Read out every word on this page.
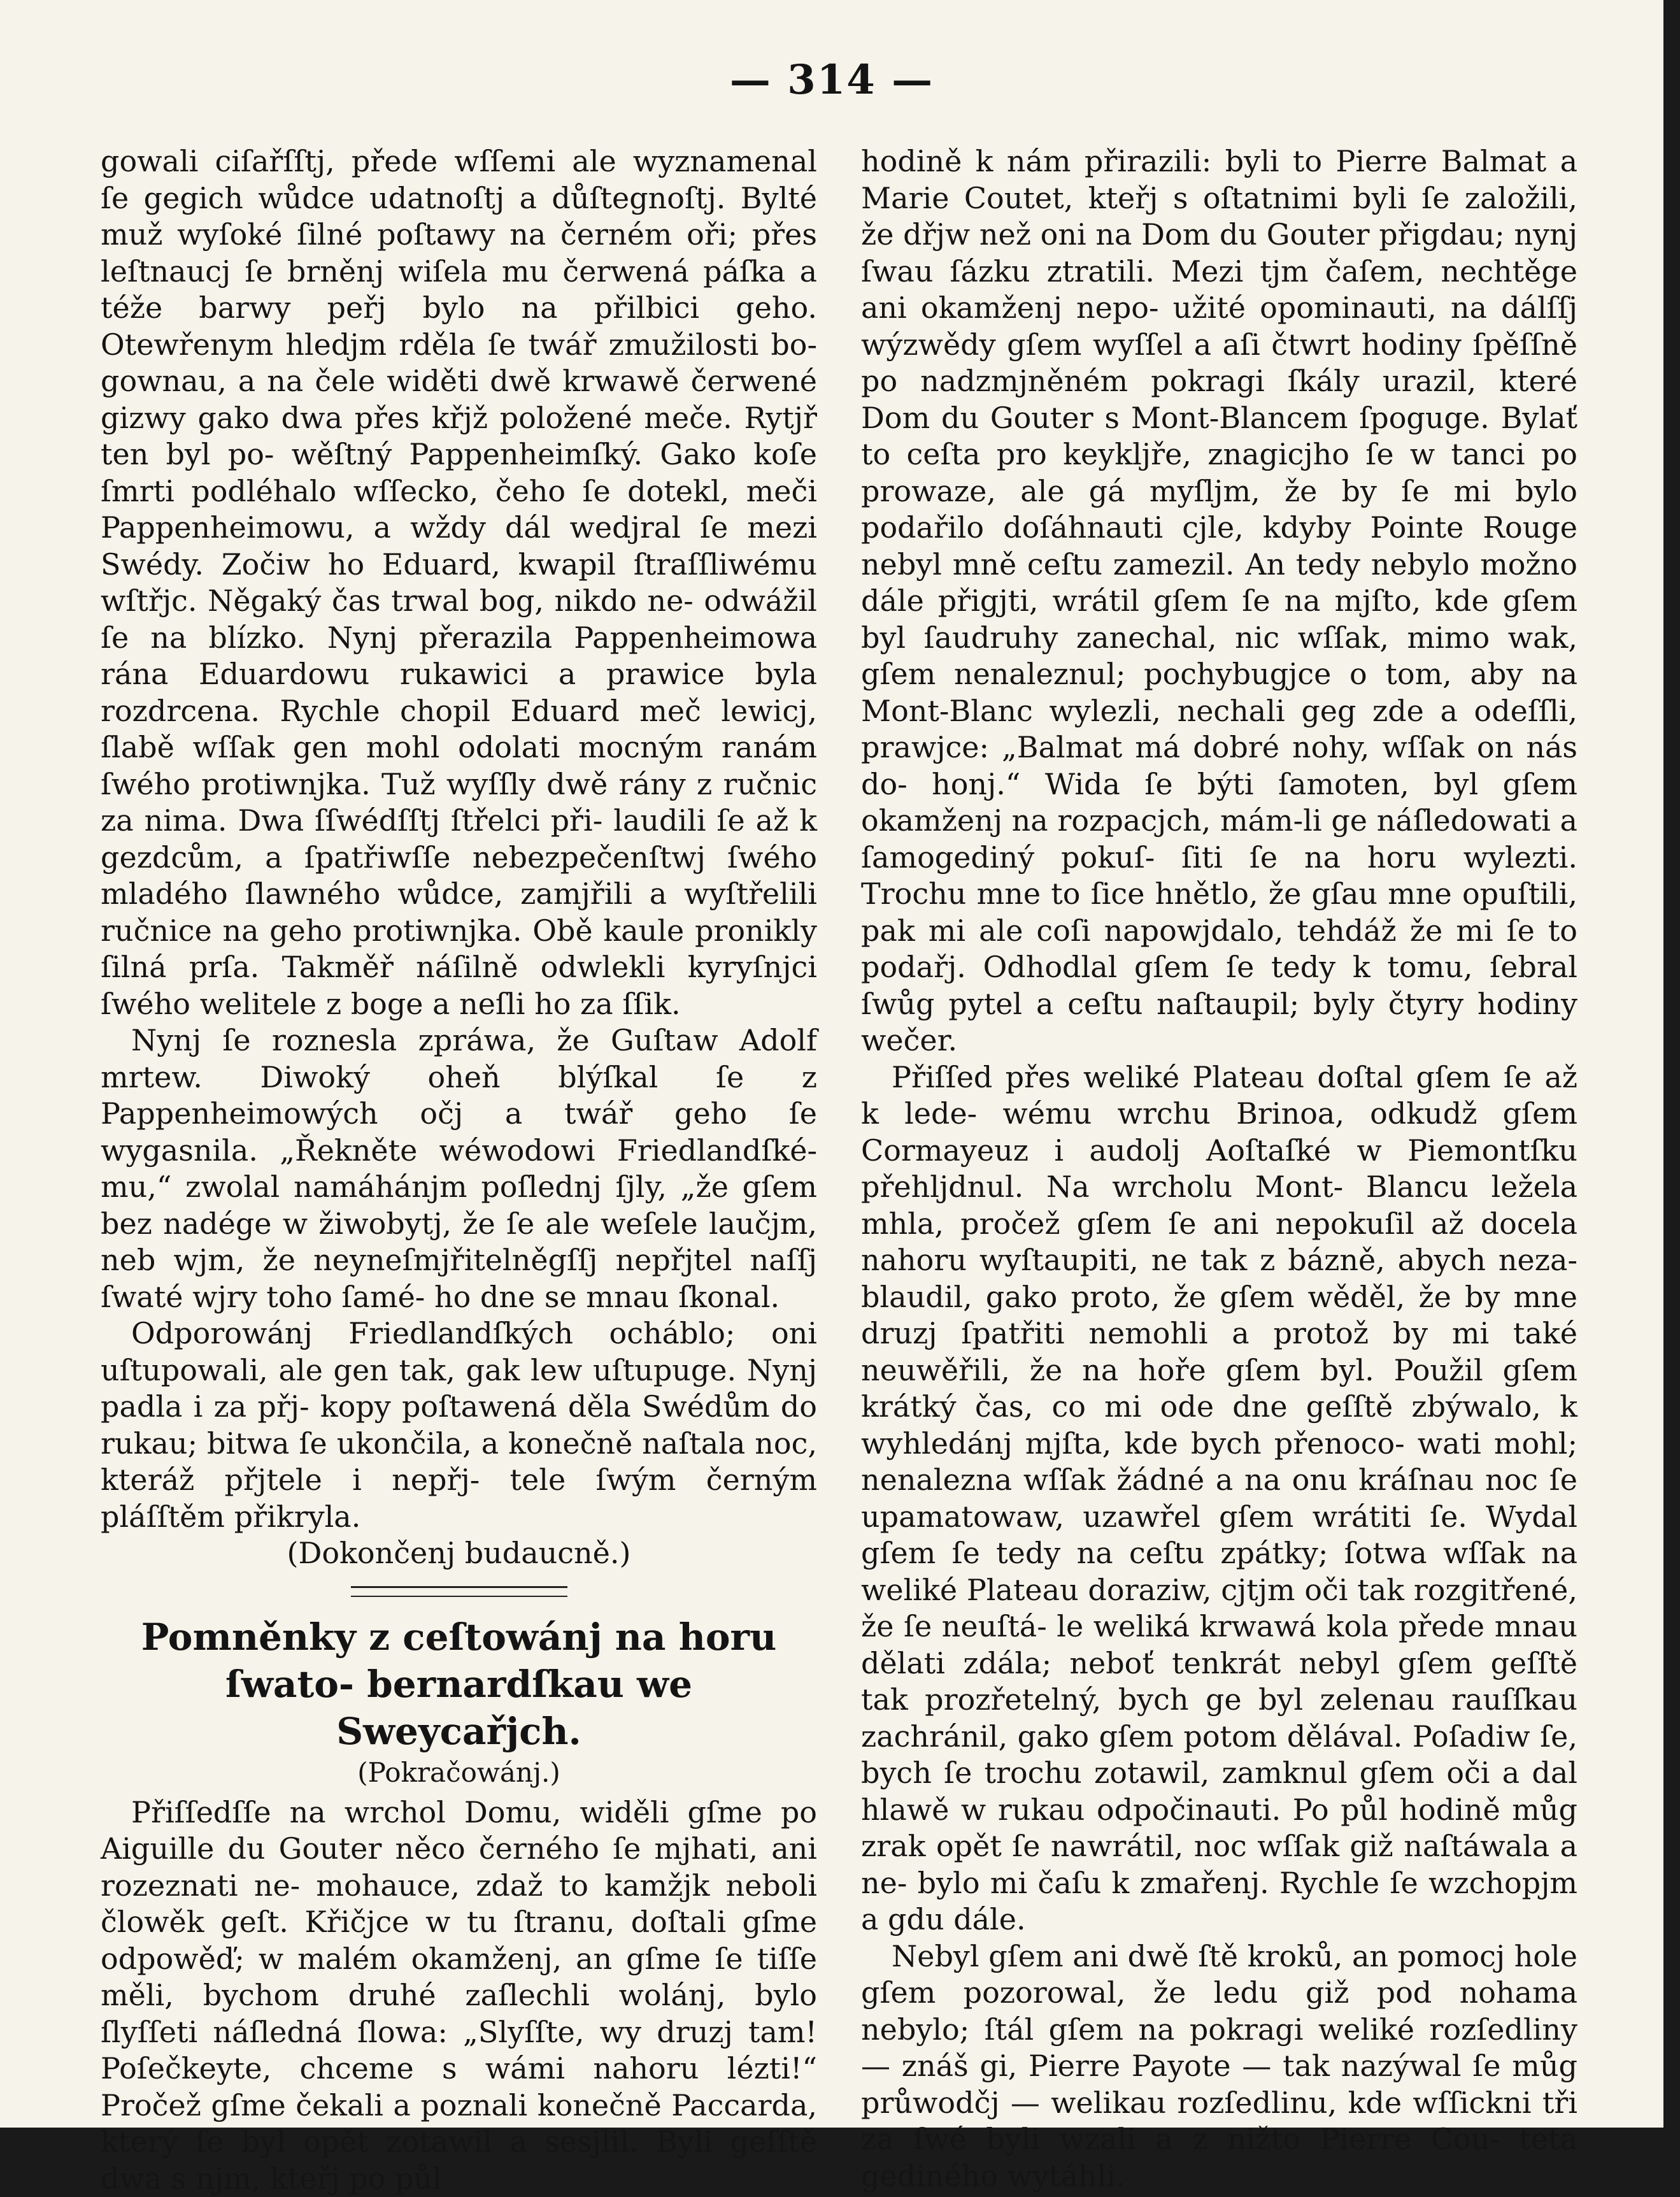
— 314 —

gowali ciſařſſtj, přede wſſemi ale wyznamenal ſe gegich wůdce udatnoſtj a důſtegnoſtj. Bylté muž wyſoké ſilné poſtawy na černém oři; přes leſtnaucj ſe brněnj wiſela mu čerwená páſka a téže barwy peřj bylo na přilbici geho. Otewřenym hledjm rděla ſe twář zmužilosti bo- gownau, a na čele widěti dwě krwawě čerwené gizwy gako dwa přes křjž položené meče. Rytjř ten byl po- wěſtný Pappenheimſký. Gako koſe ſmrti podléhalo wſſecko, čeho ſe dotekl, meči Pappenheimowu, a wždy dál wedjral ſe mezi Swédy. Zočiw ho Eduard, kwapil ſtraſſliwému wſtřjc. Něgaký čas trwal bog, nikdo ne- odwážil ſe na blízko. Nynj přerazila Pappenheimowa rána Eduardowu rukawici a prawice byla rozdrcena. Rychle chopil Eduard meč lewicj, ſlabě wſſak gen mohl odolati mocným ranám ſwého protiwnjka. Tuž wyſſly dwě rány z ručnic za nima. Dwa ſſwédſſtj ſtřelci při- laudili ſe až k gezdcům, a ſpatřiwſſe nebezpečenſtwj ſwého mladého ſlawného wůdce, zamjřili a wyſtřelili ručnice na geho protiwnjka. Obě kaule pronikly ſilná prſa. Takměř náſilně odwlekli kyryſnjci ſwého welitele z boge a neſli ho za ſſik.

Nynj ſe roznesla zpráwa, že Guſtaw Adolf mrtew. Diwoký oheň blýſkal ſe z Pappenheimowých očj a twář geho ſe wygasnila. „Řekněte wéwodowi Friedlandſké- mu,“ zwolal namáhánjm poſlednj ſjly, „že gſem bez nadége w žiwobytj, že ſe ale weſele laučjm, neb wjm, že neyneſmjřitelněgſſj nepřjtel naſſj ſwaté wjry toho ſamé- ho dne se mnau ſkonal.

Odporowánj Friedlandſkých ocháblo; oni uſtupowali, ale gen tak, gak lew uſtupuge. Nynj padla i za přj- kopy poſtawená děla Swédům do rukau; bitwa ſe ukončila, a konečně naſtala noc, kteráž přjtele i nepřj- tele ſwým černým pláſſtěm přikryla.

(Dokončenj budaucně.)

Pomněnky z ceſtowánj na horu ſwato- bernardſkau we Sweycařjch.
(Pokračowánj.)

Přiſſedſſe na wrchol Domu, widěli gſme po Aiguille du Gouter něco černého ſe mjhati, ani rozeznati ne- mohauce, zdaž to kamžjk neboli člowěk geſt. Křičjce w tu ſtranu, doſtali gſme odpowěď; w malém okamženj, an gſme ſe tiſſe měli, bychom druhé zaſlechli wolánj, bylo ſlyſſeti náſledná ſlowa: „Slyſſte, wy druzj tam! Poſečkeyte, chceme s wámi nahoru lézti!“ Pročež gſme čekali a poznali konečně Paccarda, který ſe byl opět zotawil a sesjlil. Byli geſſtě dwa s njm, kteřj po půl

hodině k nám přirazili: byli to Pierre Balmat a Marie Coutet, kteřj s oſtatnimi byli ſe založili, že dřjw než oni na Dom du Gouter přigdau; nynj ſwau ſázku ztratili. Mezi tjm čaſem, nechtěge ani okamženj nepo- užité opominauti, na dálſſj wýzwědy gſem wyſſel a aſi čtwrt hodiny ſpěſſně po nadzmjněném pokragi ſkály urazil, které Dom du Gouter s Mont-Blancem ſpoguge. Bylať to ceſta pro keykljře, znagicjho ſe w tanci po prowaze, ale gá myſljm, že by ſe mi bylo podařilo doſáhnauti cjle, kdyby Pointe Rouge nebyl mně ceſtu zamezil. An tedy nebylo možno dále přigjti, wrátil gſem ſe na mjſto, kde gſem byl ſaudruhy zanechal, nic wſſak, mimo wak, gſem nenaleznul; pochybugjce o tom, aby na Mont-Blanc wylezli, nechali geg zde a odeſſli, prawjce: „Balmat má dobré nohy, wſſak on nás do- honj.“ Wida ſe býti ſamoten, byl gſem okamženj na rozpacjch, mám-li ge náſledowati a ſamogediný pokuſ- ſiti ſe na horu wylezti. Trochu mne to ſice hnětlo, že gſau mne opuſtili, pak mi ale coſi napowjdalo, tehdáž že mi ſe to podařj. Odhodlal gſem ſe tedy k tomu, ſebral ſwůg pytel a ceſtu naſtaupil; byly čtyry hodiny wečer.

Přiſſed přes weliké Plateau doſtal gſem ſe až k lede- wému wrchu Brinoa, odkudž gſem Cormayeuz i audolj Aoſtaſké w Piemontſku přehljdnul. Na wrcholu Mont- Blancu ležela mhla, pročež gſem ſe ani nepokuſil až docela nahoru wyſtaupiti, ne tak z bázně, abych neza- blaudil, gako proto, že gſem wěděl, že by mne druzj ſpatřiti nemohli a protož by mi také neuwěřili, že na hoře gſem byl. Použil gſem krátký čas, co mi ode dne geſſtě zbýwalo, k wyhledánj mjſta, kde bych přenoco- wati mohl; nenalezna wſſak žádné a na onu kráſnau noc ſe upamatowaw, uzawřel gſem wrátiti ſe. Wydal gſem ſe tedy na ceſtu zpátky; ſotwa wſſak na weliké Plateau doraziw, cjtjm oči tak rozgitřené, že ſe neuſtá- le weliká krwawá kola přede mnau dělati zdála; neboť tenkrát nebyl gſem geſſtě tak prozřetelný, bych ge byl zelenau rauſſkau zachránil, gako gſem potom dělával. Poſadiw ſe, bych ſe trochu zotawil, zamknul gſem oči a dal hlawě w rukau odpočinauti. Po půl hodině můg zrak opět ſe nawrátil, noc wſſak giž naſtáwala a ne- bylo mi čaſu k zmařenj. Rychle ſe wzchopjm a gdu dále.

Nebyl gſem ani dwě ſtě kroků, an pomocj hole gſem pozorowal, že ledu giž pod nohama nebylo; ſtál gſem na pokragi weliké rozſedliny — znáš gi, Pierre Payote — tak nazýwal ſe můg průwodčj — welikau rozſedlinu, kde wſſickni tři za ſwé byli wzali a z nižto Pierre Cou- teta gediného wytáhli.
